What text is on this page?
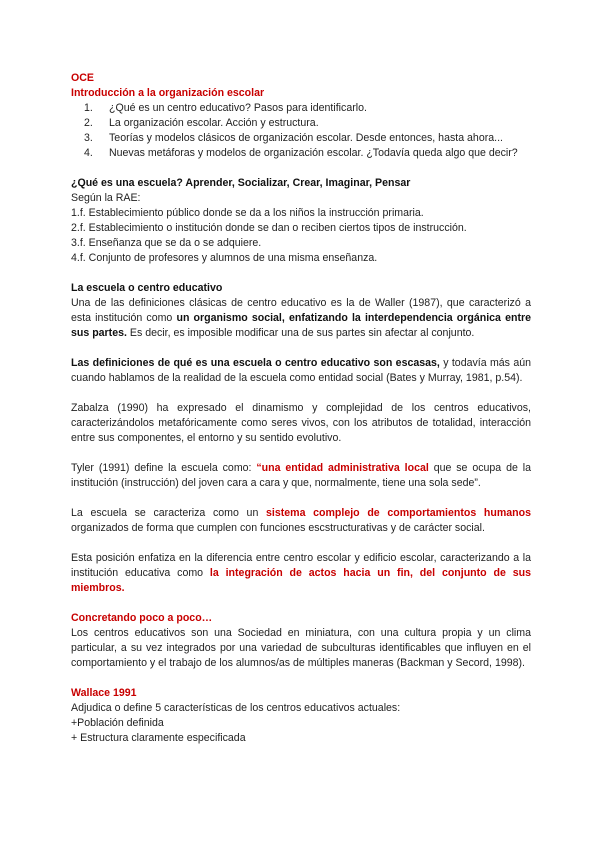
OCE

Introducción a la organización escolar

1. ¿Qué es un centro educativo? Pasos para identificarlo.
2. La organización escolar. Acción y estructura.
3. Teorías y modelos clásicos de organización escolar. Desde entonces, hasta ahora...
4. Nuevas metáforas y modelos de organización escolar. ¿Todavía queda algo que decir?

¿Qué es una escuela? Aprender, Socializar, Crear, Imaginar, Pensar

Según la RAE:

1.f. Establecimiento público donde se da a los niños la instrucción primaria.

2.f. Establecimiento o institución donde se dan o reciben ciertos tipos de instrucción.

3.f. Enseñanza que se da o se adquiere.

4.f. Conjunto de profesores y alumnos de una misma enseñanza.

La escuela o centro educativo

Una de las definiciones clásicas de centro educativo es la de Waller (1987), que caracterizó a esta institución como un organismo social, enfatizando la interdependencia orgánica entre sus partes. Es decir, es imposible modificar una de sus partes sin afectar al conjunto.

Las definiciones de qué es una escuela o centro educativo son escasas, y todavía más aún cuando hablamos de la realidad de la escuela como entidad social (Bates y Murray, 1981, p.54).

Zabalza (1990) ha expresado el dinamismo y complejidad de los centros educativos, caracterizándolos metafóricamente como seres vivos, con los atributos de totalidad, interacción entre sus componentes, el entorno y su sentido evolutivo.

Tyler (1991) define la escuela como: “una entidad administrativa local que se ocupa de la institución (instrucción) del joven cara a cara y que, normalmente, tiene una sola sede”.

La escuela se caracteriza como un sistema complejo de comportamientos humanos organizados de forma que cumplen con funciones escstructurativas y de carácter social.

Esta posición enfatiza en la diferencia entre centro escolar y edificio escolar, caracterizando a la institución educativa como la integración de actos hacia un fin, del conjunto de sus miembros.

Concretando poco a poco…

Los centros educativos son una Sociedad en miniatura, con una cultura propia y un clima particular, a su vez integrados por una variedad de subculturas identificables que influyen en el comportamiento y el trabajo de los alumnos/as de múltiples maneras (Backman y Secord, 1998).

Wallace 1991

Adjudica o define 5 características de los centros educativos actuales:

+Población definida

+ Estructura claramente especificada
